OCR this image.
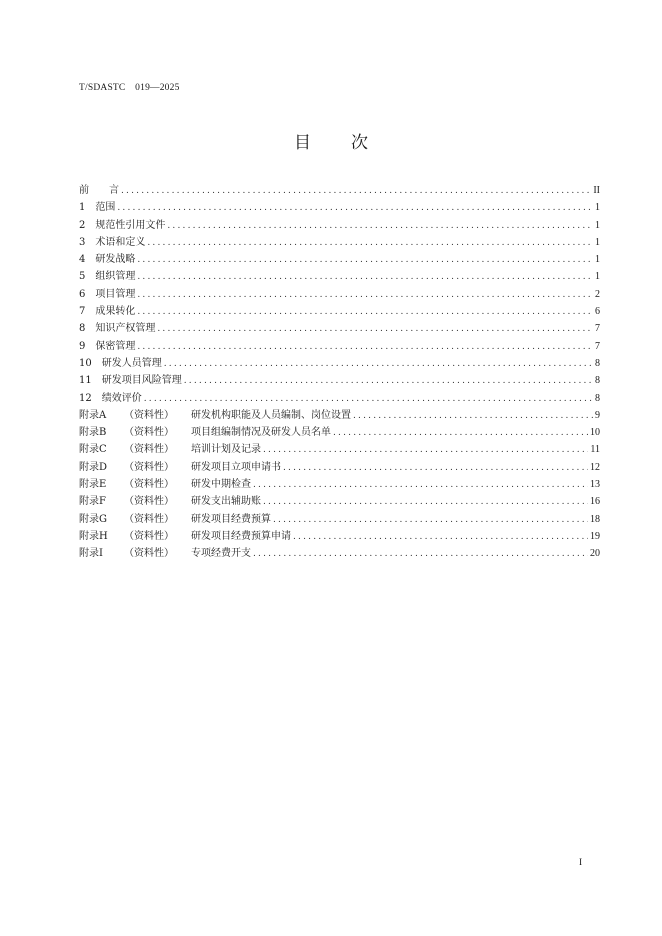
T/SDASTC　019—2025
目次
前　　言 .....	II
1　范围 .....	1
2　规范性引用文件 .....	1
3　术语和定义 .....	1
4　研发战略 .....	1
5　组织管理 .....	1
6　项目管理 .....	2
7　成果转化 .....	6
8　知识产权管理 .....	7
9　保密管理 .....	7
10　研发人员管理 .....	8
11　研发项目风险管理 .....	8
12　绩效评价 .....	8
附录A	（资料性）	研发机构职能及人员编制、岗位设置 .....	9
附录B	（资料性）	项目组编制情况及研发人员名单 .....	10
附录C	（资料性）	培训计划及记录 .....	11
附录D	（资料性）	研发项目立项申请书 .....	12
附录E	（资料性）	研发中期检查 .....	13
附录F	（资料性）	研发支出辅助账 .....	16
附录G	（资料性）	研发项目经费预算 .....	18
附录H	（资料性）	研发项目经费预算申请 .....	19
附录I	（资料性）	专项经费开支 .....	20
I
